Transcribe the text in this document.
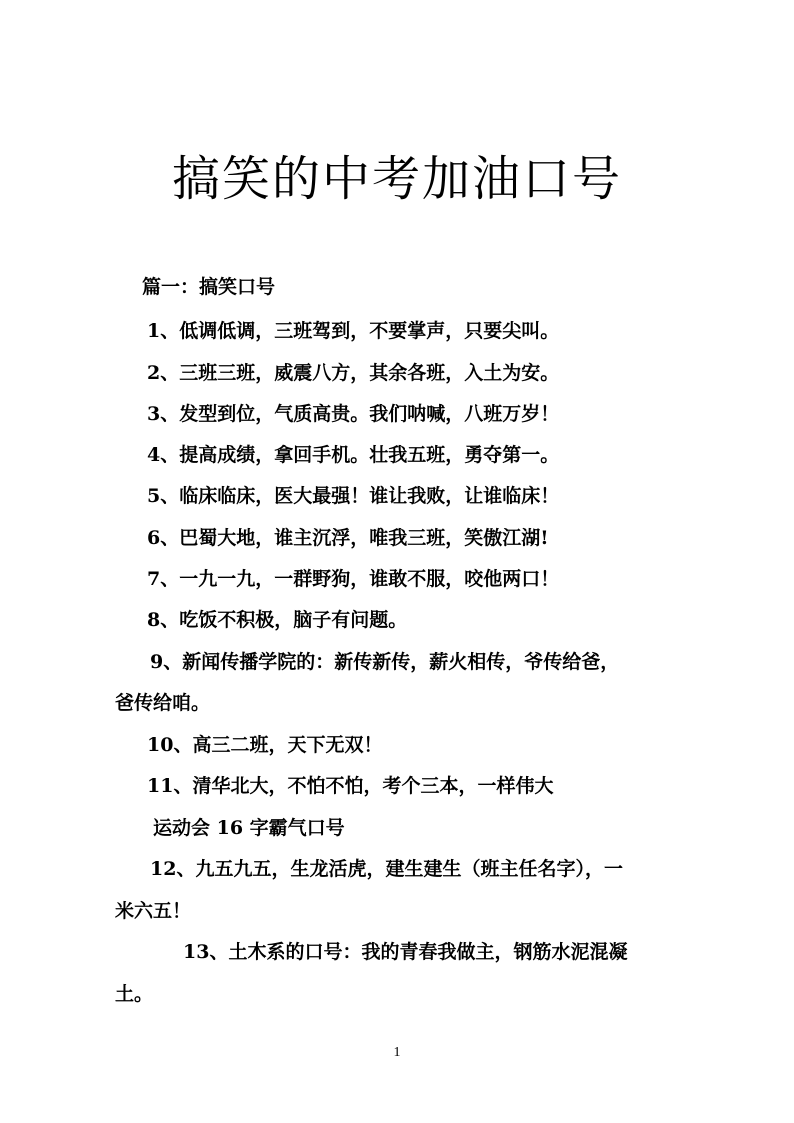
搞笑的中考加油口号
篇一：搞笑口号
1、低调低调，三班驾到，不要掌声，只要尖叫。
2、三班三班，威震八方，其余各班，入土为安。
3、发型到位，气质高贵。我们呐喊，八班万岁！
4、提高成绩，拿回手机。壮我五班，勇夺第一。
5、临床临床，医大最强！谁让我败，让谁临床！
6、巴蜀大地，谁主沉浮，唯我三班，笑傲江湖!
7、一九一九，一群野狗，谁敢不服，咬他两口！
8、吃饭不积极，脑子有问题。
9、新闻传播学院的：新传新传，薪火相传，爷传给爸，
爸传给咱。
10、高三二班，天下无双！
11、清华北大，不怕不怕，考个三本，一样伟大
运动会 16 字霸气口号
12、九五九五，生龙活虎，建生建生（班主任名字），一
米六五！
13、土木系的口号：我的青春我做主，钢筋水泥混凝
土。
1
